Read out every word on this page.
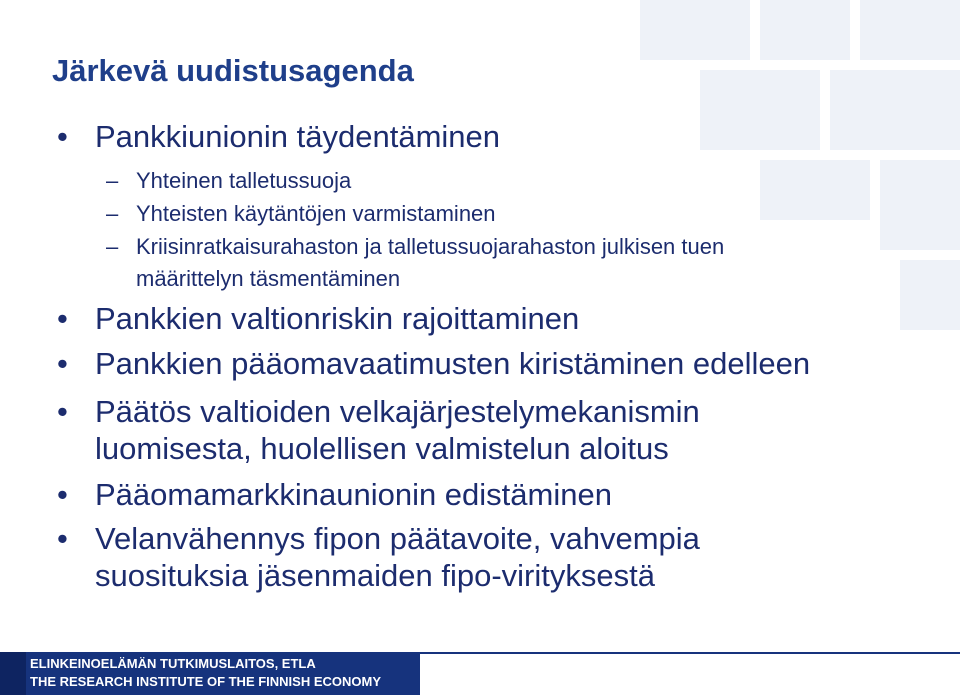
Järkevä uudistusagenda
• Pankkiunionin täydentäminen
– Yhteinen talletussuoja
– Yhteisten käytäntöjen varmistaminen
– Kriisinratkaisurahaston ja talletussuojarahaston julkisen tuen
määrittelyn täsmentäminen
• Pankkien valtionriskin rajoittaminen
• Pankkien pääomavaatimusten kiristäminen edelleen
• Päätös valtioiden velkajärjestelymekanismin
luomisesta, huolellisen valmistelun aloitus
• Pääomamarkkinaunionin edistäminen
• Velanvähennys fipon päätavoite, vahvempia
suosituksia jäsenmaiden fipo-virityksestä
ELINKEINOELÄMÄN TUTKIMUSLAITOS, ETLA
THE RESEARCH INSTITUTE OF THE FINNISH ECONOMY
